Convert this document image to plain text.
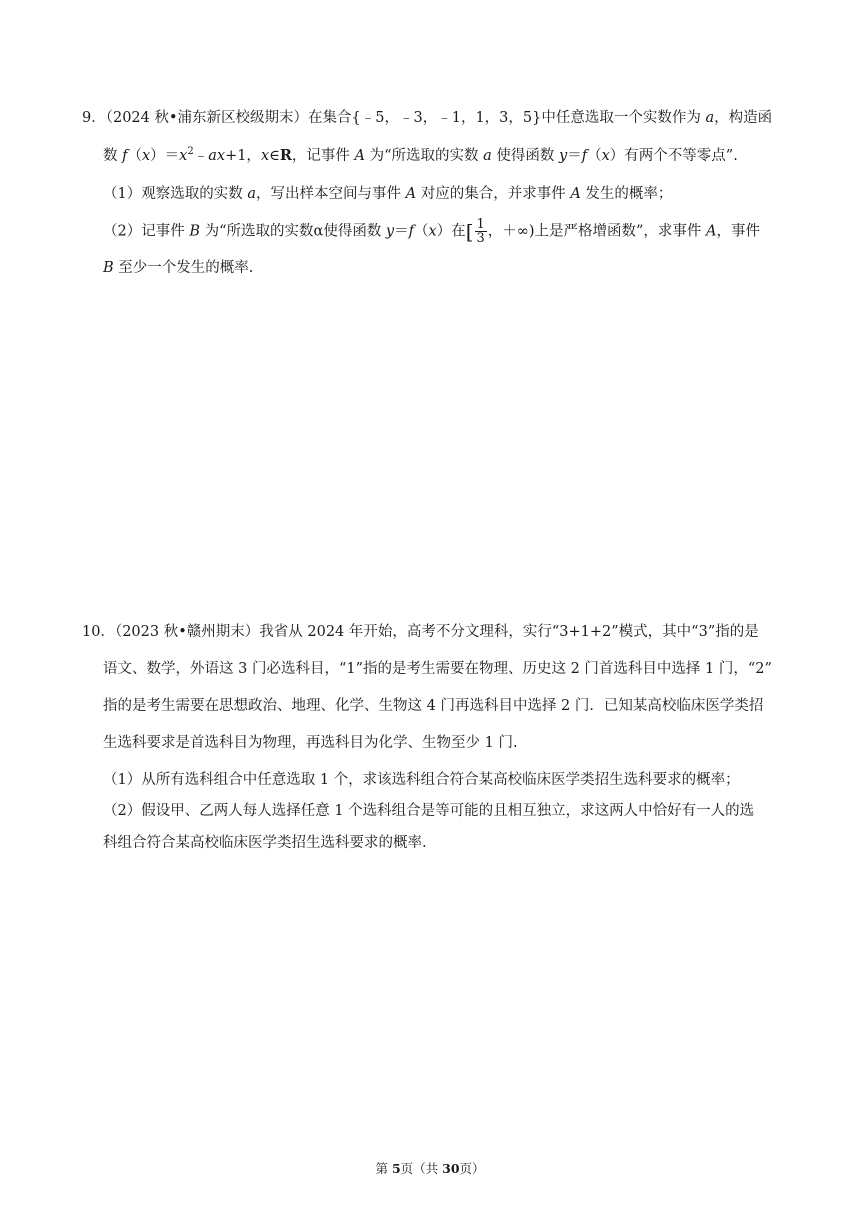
9．（2024 秋•浦东新区校级期末）在集合{﹣5，﹣3，﹣1，1，3，5}中任意选取一个实数作为 a，构造函
数 $f(x)=x^2﹣ax+1$，x∈R，记事件 A 为“所选取的实数 a 使得函数 y＝f（x）有两个不等零点”.
（1）观察选取的实数 a，写出样本空间与事件 A 对应的集合，并求事件 A 发生的概率；
（2）记事件 B 为“所选取的实数α使得函数 y＝f（x）在[ $\frac{1}{3}$ ，＋∞)上是严格增函数”，求事件 A，事件
B 至少一个发生的概率.
10．（2023 秋•赣州期末）我省从 2024 年开始，高考不分文理科，实行“3+1+2”模式，其中“3”指的是
语文、数学，外语这 3 门必选科目，“1”指的是考生需要在物理、历史这 2 门首选科目中选择 1 门，“2”
指的是考生需要在思想政治、地理、化学、生物这 4 门再选科目中选择 2 门．已知某高校临床医学类招
生选科要求是首选科目为物理，再选科目为化学、生物至少 1 门.
（1）从所有选科组合中任意选取 1 个，求该选科组合符合某高校临床医学类招生选科要求的概率；
（2）假设甲、乙两人每人选择任意 1 个选科组合是等可能的且相互独立，求这两人中恰好有一人的选
科组合符合某高校临床医学类招生选科要求的概率.
第 5页（共 30页）
